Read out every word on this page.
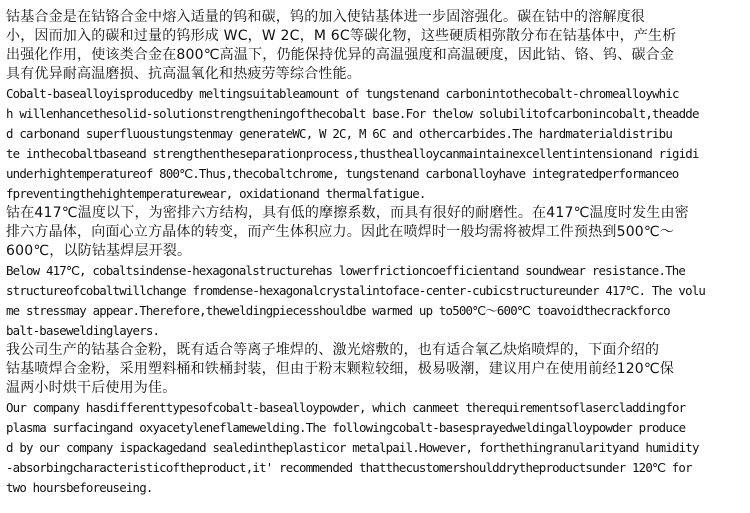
钴基合金是在钴铬合金中熔入适量的钨和碳，钨的加入使钴基体进一步固溶强化。碳在钴中的溶解度很
小，因而加入的碳和过量的钨形成 WC，W 2C，M 6C等碳化物，这些硬质相弥散分布在钴基体中，产生析
出强化作用，使该类合金在800℃高温下，仍能保持优异的高温强度和高温硬度，因此钴、铬、钨、碳合金
具有优异耐高温磨损、抗高温氧化和热疲劳等综合性能。
Cobalt-basealloyisproducedby meltingsuitableamount of tungstenand carbonintothecobalt-chromealloywhic
h willenhancethesolid-solutionstrengtheningofthecobalt base.For thelow solubilitofcarbonincobalt,theadde
d carbonand superfluoustungstenmay generateWC, W 2C, M 6C and othercarbides.The hardmaterialdistribu
te inthecobaltbaseand strengthentheseparationprocess,thusthealloycanmaintainexcellentintensionand rigidi
underhightemperatureof 800℃.Thus,thecobaltchrome, tungstenand carbonalloyhave integratedperformanceo
fpreventingthehightemperaturewear, oxidationand thermalfatigue.
钴在417℃温度以下，为密排六方结构，具有低的摩擦系数，而具有很好的耐磨性。在417℃温度时发生由密
排六方晶体，向面心立方晶体的转变，而产生体积应力。因此在喷焊时一般均需将被焊工件预热到500℃～
600℃，以防钴基焊层开裂。
Below 417℃, cobaltsindense-hexagonalstructurehas lowerfrictioncoefficientand soundwear resistance.The
structureofcobaltwillchange fromdense-hexagonalcrystalintoface-center-cubicstructureunder 417℃. The volu
me stressmay appear.Therefore,theweldingpiecesshouldbe warmed up to500℃～600℃ toavoidthecrackforco
balt-baseweldinglayers.
我公司生产的钴基合金粉，既有适合等离子堆焊的、激光熔敷的，也有适合氧乙炔焰喷焊的，下面介绍的
钴基喷焊合金粉，采用塑料桶和铁桶封装，但由于粉末颗粒较细，极易吸潮，建议用户在使用前经120℃保
温两小时烘干后使用为佳。
Our company hasdifferenttypesofcobalt-basealloypowder, which canmeet therequirementsoflasercladdingfor
plasma surfacingand oxyacetyleneflamewelding.The followingcobalt-basesprayedweldingalloypowder produce
d by our company ispackagedand sealedintheplasticor metalpail.However, forthethingranularityand humidity
-absorbingcharacteristicoftheproduct,it' recommended thatthecustomershoulddrytheproductsunder 120℃ for
two hoursbeforeuseing.
